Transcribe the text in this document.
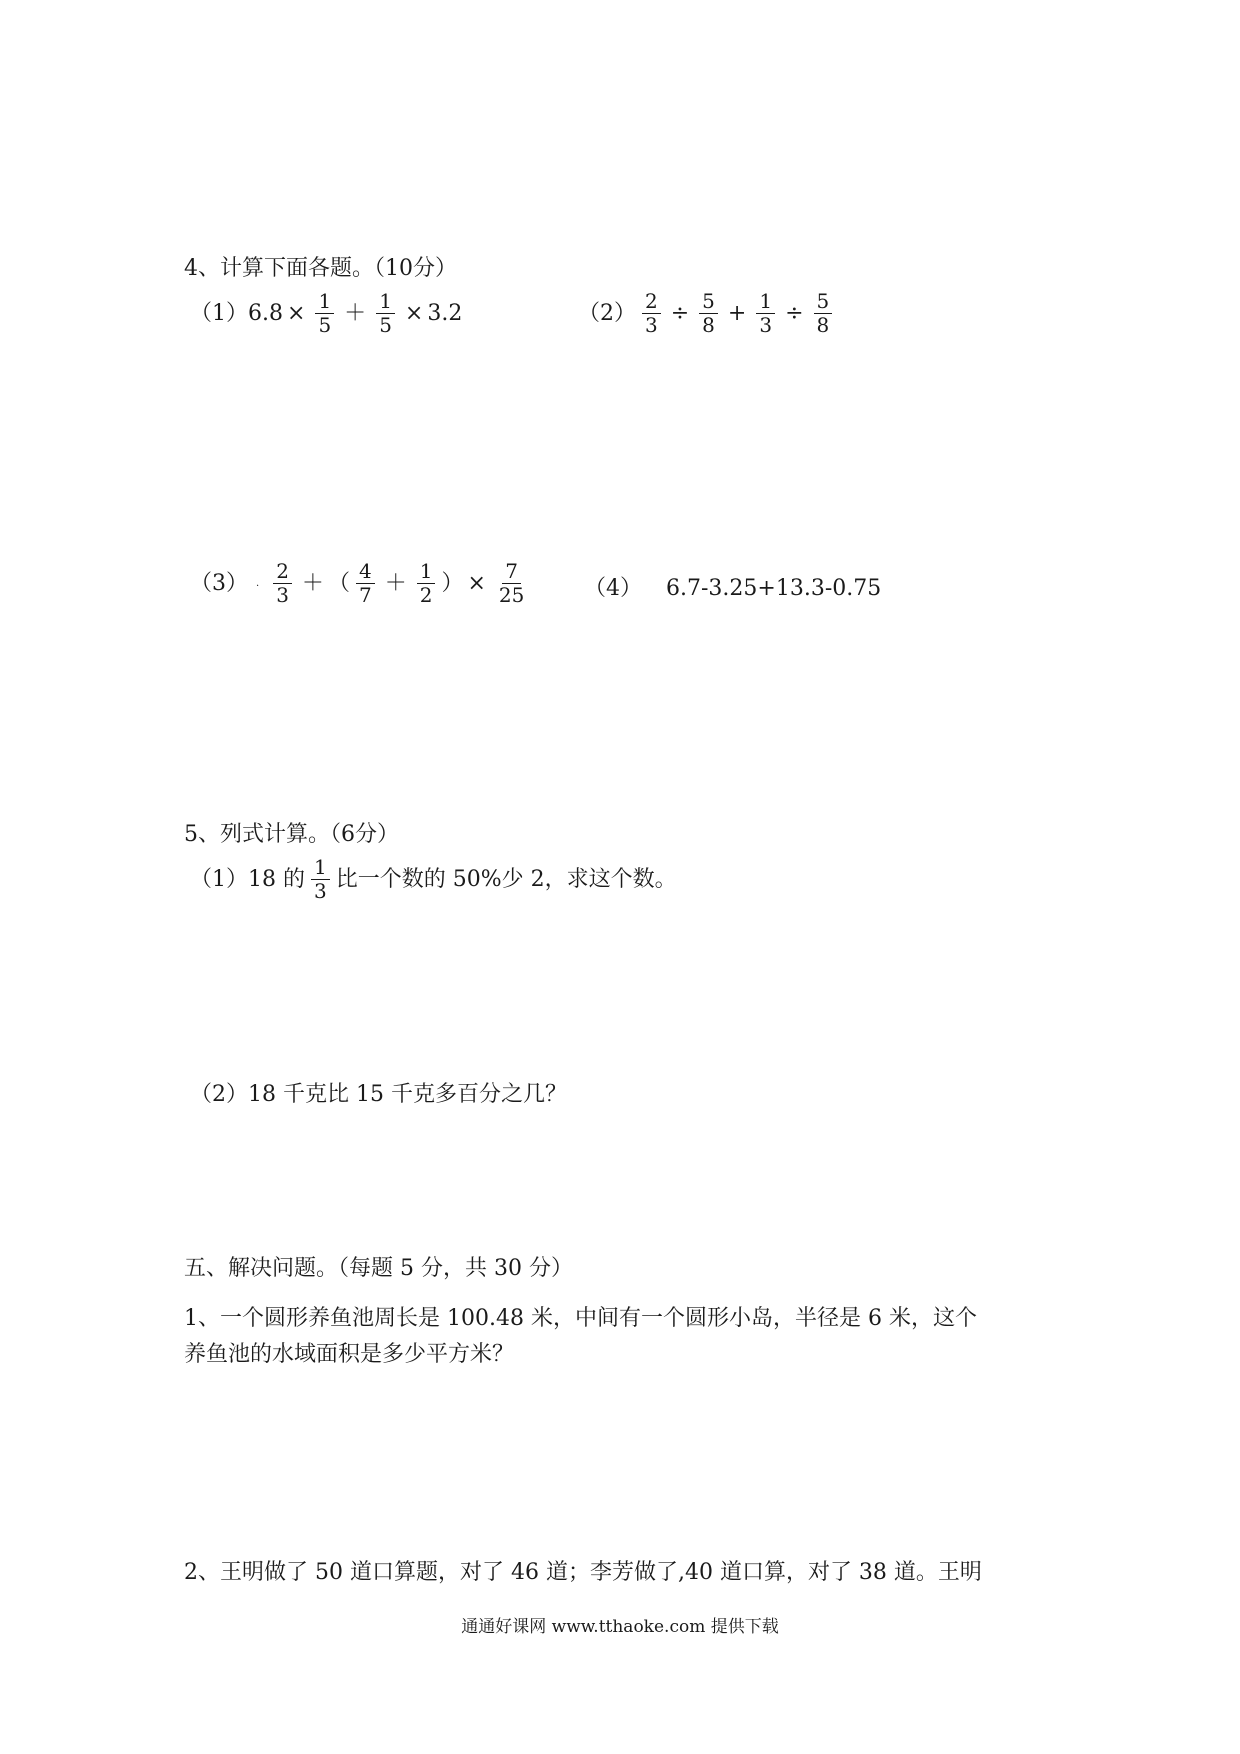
4、计算下面各题。（10分）
（1） $6.8 \times \frac{1}{5} + \frac{1}{5} \times 3.2$	$(2) \frac{2}{3} \div \frac{5}{8} + \frac{1}{3} \div \frac{5}{8}$
（3） . $\frac{2}{3}$ ＋ （ $\frac{4}{7} + \frac{1}{2}$ ） × $\frac{7}{25}$	（4） 6.7-3.25+13.3-0.75
5、列式计算。（6分）
（1） 18 的 $\frac{1}{3}$ 比一个数的 50%少 2，求这个数。
（2）18 千克比 15 千克多百分之几？
五、解决问题。（每题 5 分，共 30 分）
1、一个圆形养鱼池周长是 100.48 米，中间有一个圆形小岛，半径是 6 米，这个
养鱼池的水域面积是多少平方米？
2、王明做了 50 道口算题，对了 46 道；李芳做了,40 道口算，对了 38 道。王明
通通好课网 www.tthaoke.com 提供下载
